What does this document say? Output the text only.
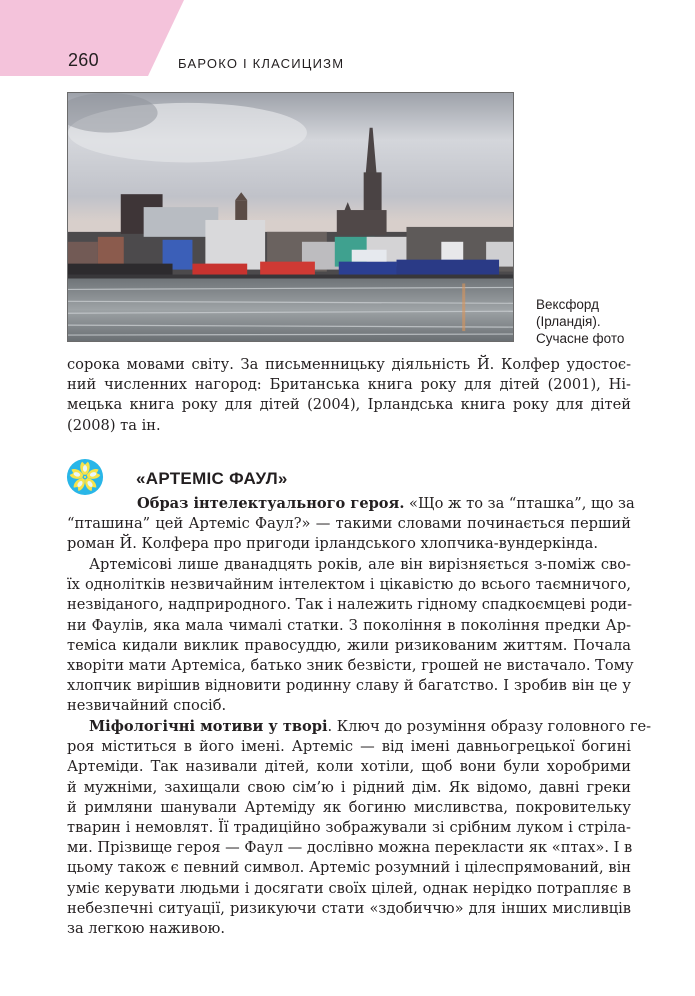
260	БАРОКО І КЛАСИЦИЗМ
Вексфорд
(Ірландія).
Сучасне фото
сорока мовами світу. За письменницьку діяльність Й. Колфер удостоє-
ний численних нагород: Британська книга року для дітей (2001), Ні-
мецька книга року для дітей (2004), Ірландська книга року для дітей
(2008) та ін.
«АРТЕМІС ФАУЛ»
Образ інтелектуального героя. «Що ж то за “пташка”, що за
“пташина” цей Артеміс Фаул?» — такими словами починається перший
роман Й. Колфера про пригоди ірландського хлопчика-вундеркінда.
Артемісові лише дванадцять років, але він вирізняється з-поміж сво-
їх однолітків незвичайним інтелектом і цікавістю до всього таємничого,
незвіданого, надприродного. Так і належить гідному спадкоємцеві роди-
ни Фаулів, яка мала чималі статки. З покоління в покоління предки Ар-
теміса кидали виклик правосуддю, жили ризикованим життям. Почала
хворіти мати Артеміса, батько зник безвісти, грошей не вистачало. Тому
хлопчик вирішив відновити родинну славу й багатство. І зробив він це у
незвичайний спосіб.
Міфологічні мотиви у творі. Ключ до розуміння образу головного ге-
роя міститься в його імені. Артеміс — від імені давньогрецької богині
Артеміди. Так називали дітей, коли хотіли, щоб вони були хоробрими
й мужніми, захищали свою сім’ю і рідний дім. Як відомо, давні греки
й римляни шанували Артеміду як богиню мисливства, покровительку
тварин і немовлят. Її традиційно зображували зі срібним луком і стріла-
ми. Прізвище героя — Фаул — дослівно можна перекласти як «птах». І в
цьому також є певний символ. Артеміс розумний і цілеспрямований, він
уміє керувати людьми і досягати своїх цілей, однак нерідко потрапляє в
небезпечні ситуації, ризикуючи стати «здобиччю» для інших мисливців
за легкою наживою.
